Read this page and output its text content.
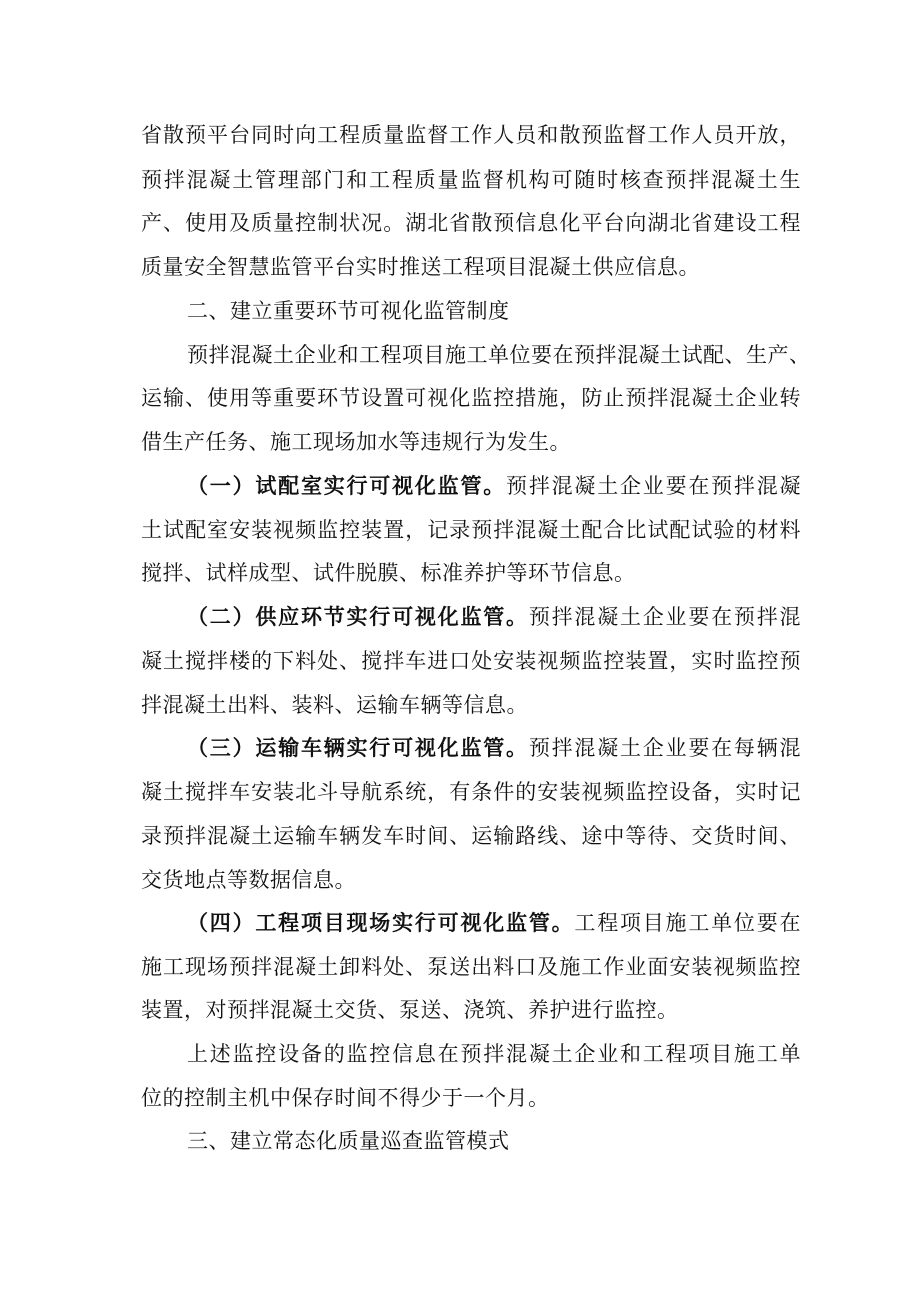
省散预平台同时向工程质量监督工作人员和散预监督工作人员开放，
预拌混凝土管理部门和工程质量监督机构可随时核查预拌混凝土生
产、使用及质量控制状况。湖北省散预信息化平台向湖北省建设工程
质量安全智慧监管平台实时推送工程项目混凝土供应信息。
二、建立重要环节可视化监管制度
预拌混凝土企业和工程项目施工单位要在预拌混凝土试配、生产、
运输、使用等重要环节设置可视化监控措施，防止预拌混凝土企业转
借生产任务、施工现场加水等违规行为发生。
（一）试配室实行可视化监管。预拌混凝土企业要在预拌混凝
土试配室安装视频监控装置，记录预拌混凝土配合比试配试验的材料
搅拌、试样成型、试件脱膜、标准养护等环节信息。
（二）供应环节实行可视化监管。预拌混凝土企业要在预拌混
凝土搅拌楼的下料处、搅拌车进口处安装视频监控装置，实时监控预
拌混凝土出料、装料、运输车辆等信息。
（三）运输车辆实行可视化监管。预拌混凝土企业要在每辆混
凝土搅拌车安装北斗导航系统，有条件的安装视频监控设备，实时记
录预拌混凝土运输车辆发车时间、运输路线、途中等待、交货时间、
交货地点等数据信息。
（四）工程项目现场实行可视化监管。工程项目施工单位要在
施工现场预拌混凝土卸料处、泵送出料口及施工作业面安装视频监控
装置，对预拌混凝土交货、泵送、浇筑、养护进行监控。
上述监控设备的监控信息在预拌混凝土企业和工程项目施工单
位的控制主机中保存时间不得少于一个月。
三、建立常态化质量巡查监管模式
